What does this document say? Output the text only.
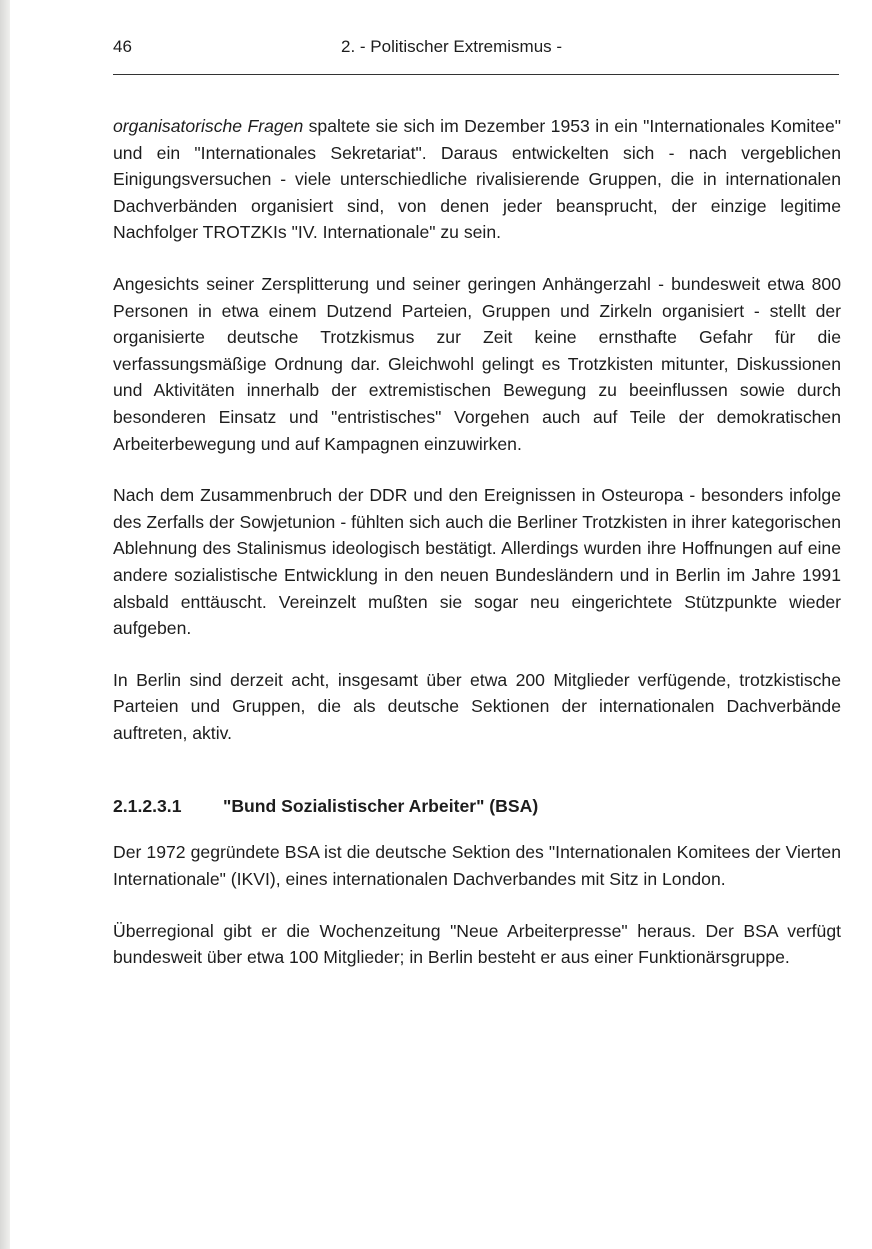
46	2. - Politischer Extremismus -

organisatorische Fragen spaltete sie sich im Dezember 1953 in ein "Internationales Komitee" und ein "Internationales Sekretariat". Daraus entwickelten sich - nach vergeblichen Einigungsversuchen - viele unterschiedliche rivalisierende Gruppen, die in internationalen Dachverbänden organisiert sind, von denen jeder beansprucht, der einzige legitime Nachfolger TROTZKIs "IV. Internationale" zu sein.

Angesichts seiner Zersplitterung und seiner geringen Anhängerzahl - bundesweit etwa 800 Personen in etwa einem Dutzend Parteien, Gruppen und Zirkeln organisiert - stellt der organisierte deutsche Trotzkismus zur Zeit keine ernsthafte Gefahr für die verfassungsmäßige Ordnung dar. Gleichwohl gelingt es Trotzkisten mitunter, Diskussionen und Aktivitäten innerhalb der extremistischen Bewegung zu beeinflussen sowie durch besonderen Einsatz und "entristisches" Vorgehen auch auf Teile der demokratischen Arbeiterbewegung und auf Kampagnen einzuwirken.

Nach dem Zusammenbruch der DDR und den Ereignissen in Osteuropa - besonders infolge des Zerfalls der Sowjetunion - fühlten sich auch die Berliner Trotzkisten in ihrer kategorischen Ablehnung des Stalinismus ideologisch bestätigt. Allerdings wurden ihre Hoffnungen auf eine andere sozialistische Entwicklung in den neuen Bundesländern und in Berlin im Jahre 1991 alsbald enttäuscht. Vereinzelt mußten sie sogar neu eingerichtete Stützpunkte wieder aufgeben.

In Berlin sind derzeit acht, insgesamt über etwa 200 Mitglieder verfügende, trotzkistische Parteien und Gruppen, die als deutsche Sektionen der internationalen Dachverbände auftreten, aktiv.

2.1.2.3.1 "Bund Sozialistischer Arbeiter" (BSA)

Der 1972 gegründete BSA ist die deutsche Sektion des "Internationalen Komitees der Vierten Internationale" (IKVI), eines internationalen Dachverbandes mit Sitz in London.

Überregional gibt er die Wochenzeitung "Neue Arbeiterpresse" heraus. Der BSA verfügt bundesweit über etwa 100 Mitglieder; in Berlin besteht er aus einer Funktionärsgruppe.
